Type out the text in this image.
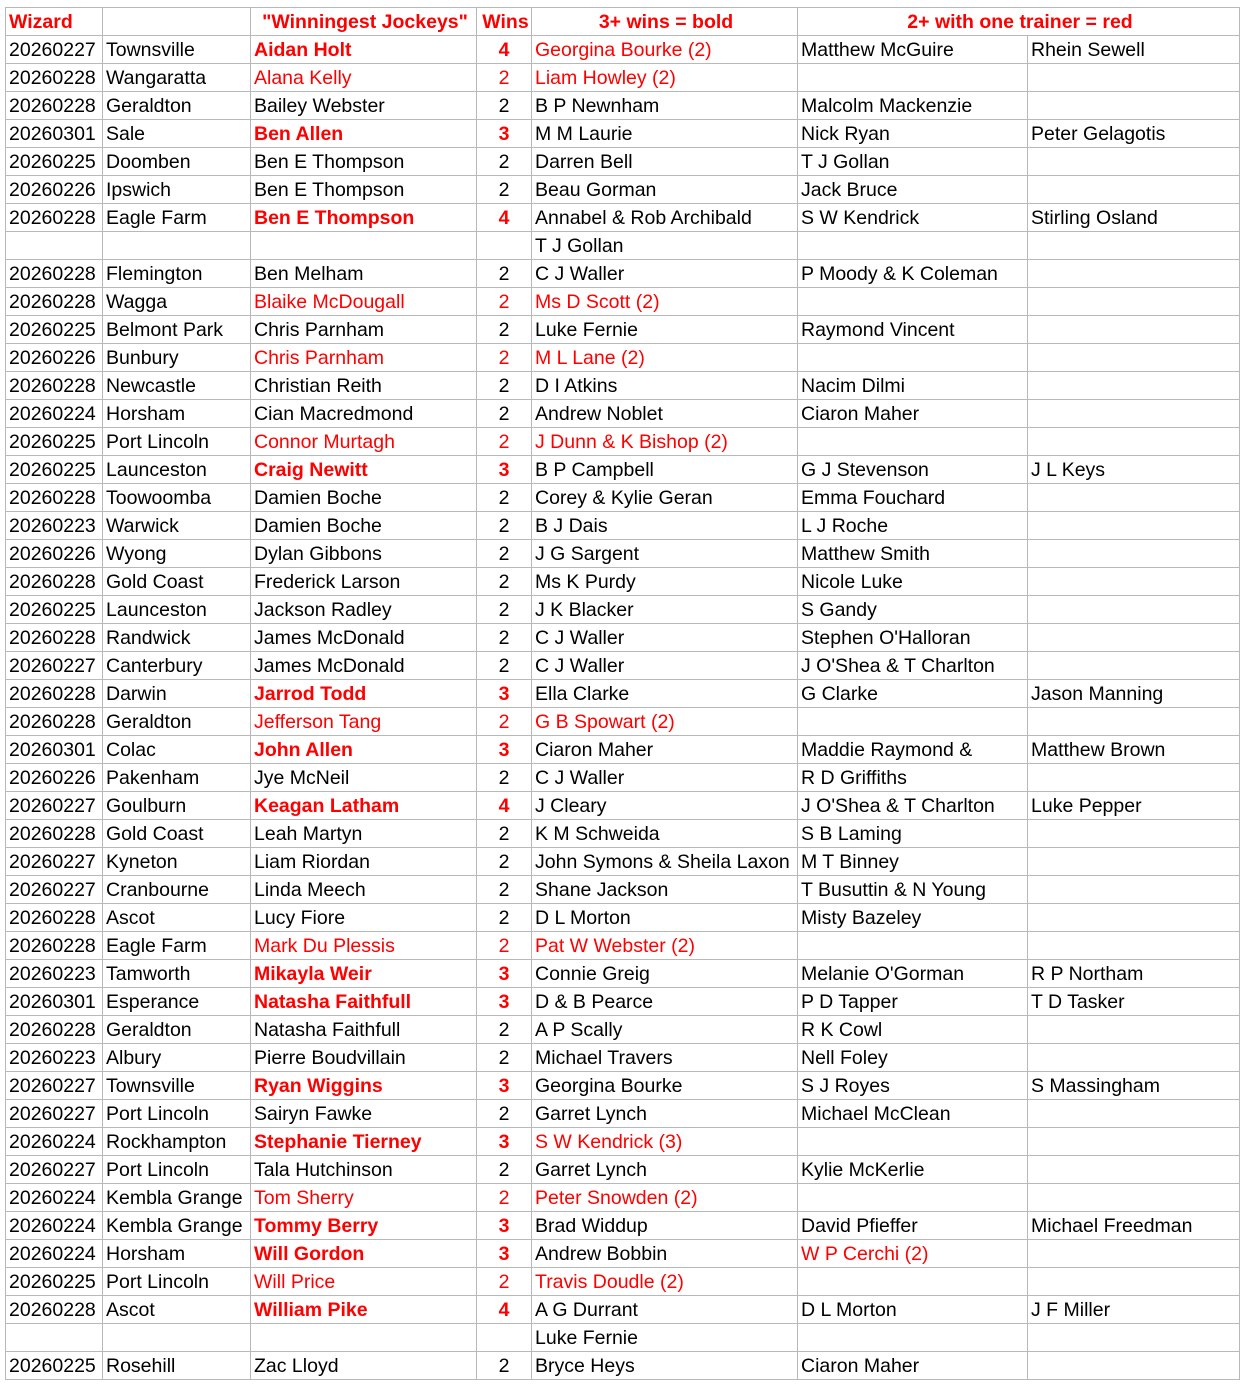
Wizard		"Winningest Jockeys"	Wins	3+ wins = bold	2+ with one trainer = red	
20260227	Townsville	Aidan Holt	4	Georgina Bourke (2)	Matthew McGuire	Rhein Sewell
20260228	Wangaratta	Alana Kelly	2	Liam Howley (2)		
20260228	Geraldton	Bailey Webster	2	B P Newnham	Malcolm Mackenzie	
20260301	Sale	Ben Allen	3	M M Laurie	Nick Ryan	Peter Gelagotis
20260225	Doomben	Ben E Thompson	2	Darren Bell	T J Gollan	
20260226	Ipswich	Ben E Thompson	2	Beau Gorman	Jack Bruce	
20260228	Eagle Farm	Ben E Thompson	4	Annabel & Rob Archibald	S W Kendrick	Stirling Osland
				T J Gollan		
20260228	Flemington	Ben Melham	2	C J Waller	P Moody & K Coleman	
20260228	Wagga	Blaike McDougall	2	Ms D Scott (2)		
20260225	Belmont Park	Chris Parnham	2	Luke Fernie	Raymond Vincent	
20260226	Bunbury	Chris Parnham	2	M L Lane (2)		
20260228	Newcastle	Christian Reith	2	D I Atkins	Nacim Dilmi	
20260224	Horsham	Cian Macredmond	2	Andrew Noblet	Ciaron Maher	
20260225	Port Lincoln	Connor Murtagh	2	J Dunn & K Bishop (2)		
20260225	Launceston	Craig Newitt	3	B P Campbell	G J Stevenson	J L Keys
20260228	Toowoomba	Damien Boche	2	Corey & Kylie Geran	Emma Fouchard	
20260223	Warwick	Damien Boche	2	B J Dais	L J Roche	
20260226	Wyong	Dylan Gibbons	2	J G Sargent	Matthew Smith	
20260228	Gold Coast	Frederick Larson	2	Ms K Purdy	Nicole Luke	
20260225	Launceston	Jackson Radley	2	J K Blacker	S Gandy	
20260228	Randwick	James McDonald	2	C J Waller	Stephen O'Halloran	
20260227	Canterbury	James McDonald	2	C J Waller	J O'Shea & T Charlton	
20260228	Darwin	Jarrod Todd	3	Ella Clarke	G Clarke	Jason Manning
20260228	Geraldton	Jefferson Tang	2	G B Spowart (2)		
20260301	Colac	John Allen	3	Ciaron Maher	Maddie Raymond &	Matthew Brown
20260226	Pakenham	Jye McNeil	2	C J Waller	R D Griffiths	
20260227	Goulburn	Keagan Latham	4	J Cleary	J O'Shea & T Charlton	Luke Pepper
20260228	Gold Coast	Leah Martyn	2	K M Schweida	S B Laming	
20260227	Kyneton	Liam Riordan	2	John Symons & Sheila Laxon	M T Binney	
20260227	Cranbourne	Linda Meech	2	Shane Jackson	T Busuttin & N Young	
20260228	Ascot	Lucy Fiore	2	D L Morton	Misty Bazeley	
20260228	Eagle Farm	Mark Du Plessis	2	Pat W Webster (2)		
20260223	Tamworth	Mikayla Weir	3	Connie Greig	Melanie O'Gorman	R P Northam
20260301	Esperance	Natasha Faithfull	3	D & B Pearce	P D Tapper	T D Tasker
20260228	Geraldton	Natasha Faithfull	2	A P Scally	R K Cowl	
20260223	Albury	Pierre Boudvillain	2	Michael Travers	Nell Foley	
20260227	Townsville	Ryan Wiggins	3	Georgina Bourke	S J Royes	S Massingham
20260227	Port Lincoln	Sairyn Fawke	2	Garret Lynch	Michael McClean	
20260224	Rockhampton	Stephanie Tierney	3	S W Kendrick (3)		
20260227	Port Lincoln	Tala Hutchinson	2	Garret Lynch	Kylie McKerlie	
20260224	Kembla Grange	Tom Sherry	2	Peter Snowden (2)		
20260224	Kembla Grange	Tommy Berry	3	Brad Widdup	David Pfieffer	Michael Freedman
20260224	Horsham	Will Gordon	3	Andrew Bobbin	W P Cerchi (2)	
20260225	Port Lincoln	Will Price	2	Travis Doudle (2)		
20260228	Ascot	William Pike	4	A G Durrant	D L Morton	J F Miller
				Luke Fernie		
20260225	Rosehill	Zac Lloyd	2	Bryce Heys	Ciaron Maher	
